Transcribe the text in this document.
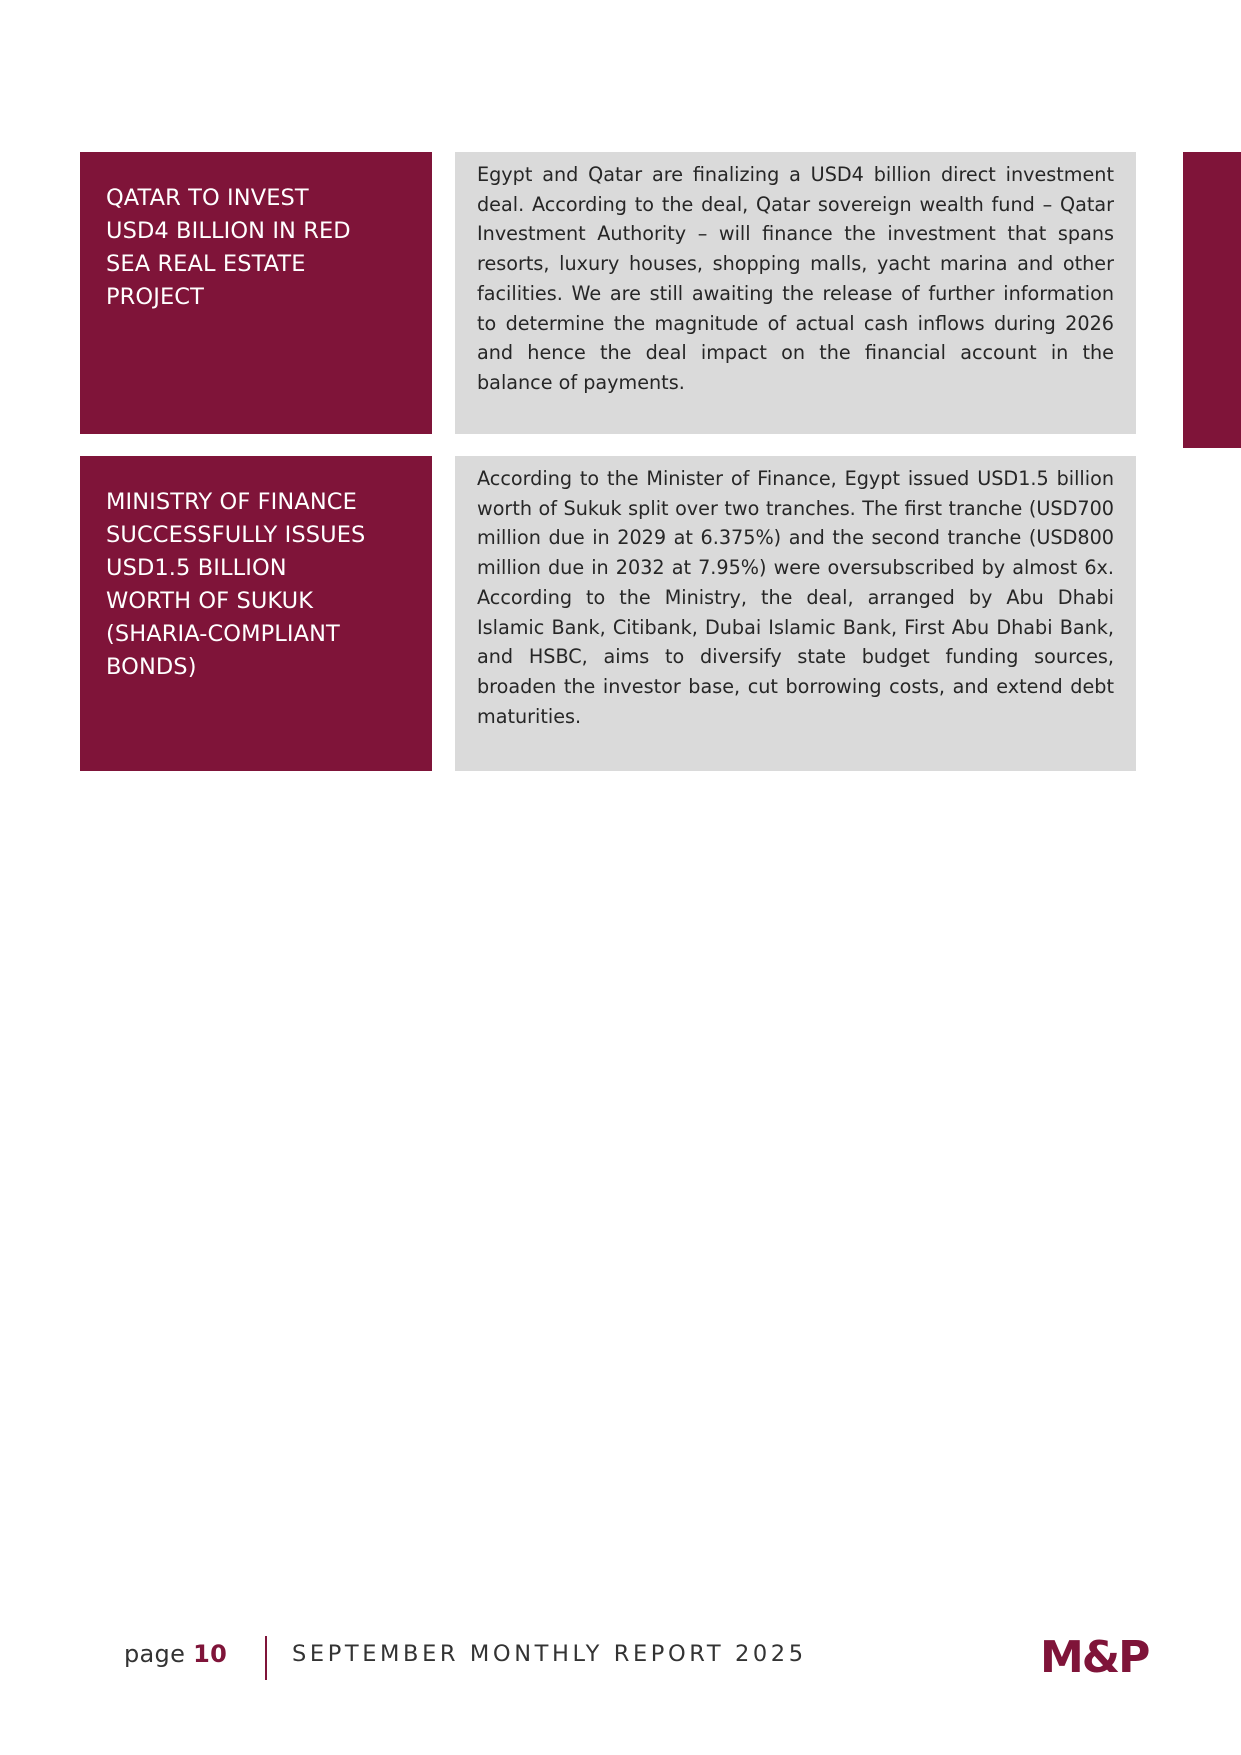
QATAR TO INVEST
USD4 BILLION IN RED
SEA REAL ESTATE
PROJECT

Egypt and Qatar are finalizing a USD4 billion direct investment deal. According to the deal, Qatar sovereign wealth fund – Qatar Investment Authority – will finance the investment that spans resorts, luxury houses, shopping malls, yacht marina and other facilities. We are still awaiting the release of further information to determine the magnitude of actual cash inflows during 2026 and hence the deal impact on the financial account in the balance of payments.

MINISTRY OF FINANCE
SUCCESSFULLY ISSUES
USD1.5 BILLION
WORTH OF SUKUK
(SHARIA-COMPLIANT
BONDS)

According to the Minister of Finance, Egypt issued USD1.5 billion worth of Sukuk split over two tranches. The first tranche (USD700 million due in 2029 at 6.375%) and the second tranche (USD800 million due in 2032 at 7.95%) were oversubscribed by almost 6x. According to the Ministry, the deal, arranged by Abu Dhabi Islamic Bank, Citibank, Dubai Islamic Bank, First Abu Dhabi Bank, and HSBC, aims to diversify state budget funding sources, broaden the investor base, cut borrowing costs, and extend debt maturities.

page 10	SEPTEMBER MONTHLY REPORT 2025	M&P
